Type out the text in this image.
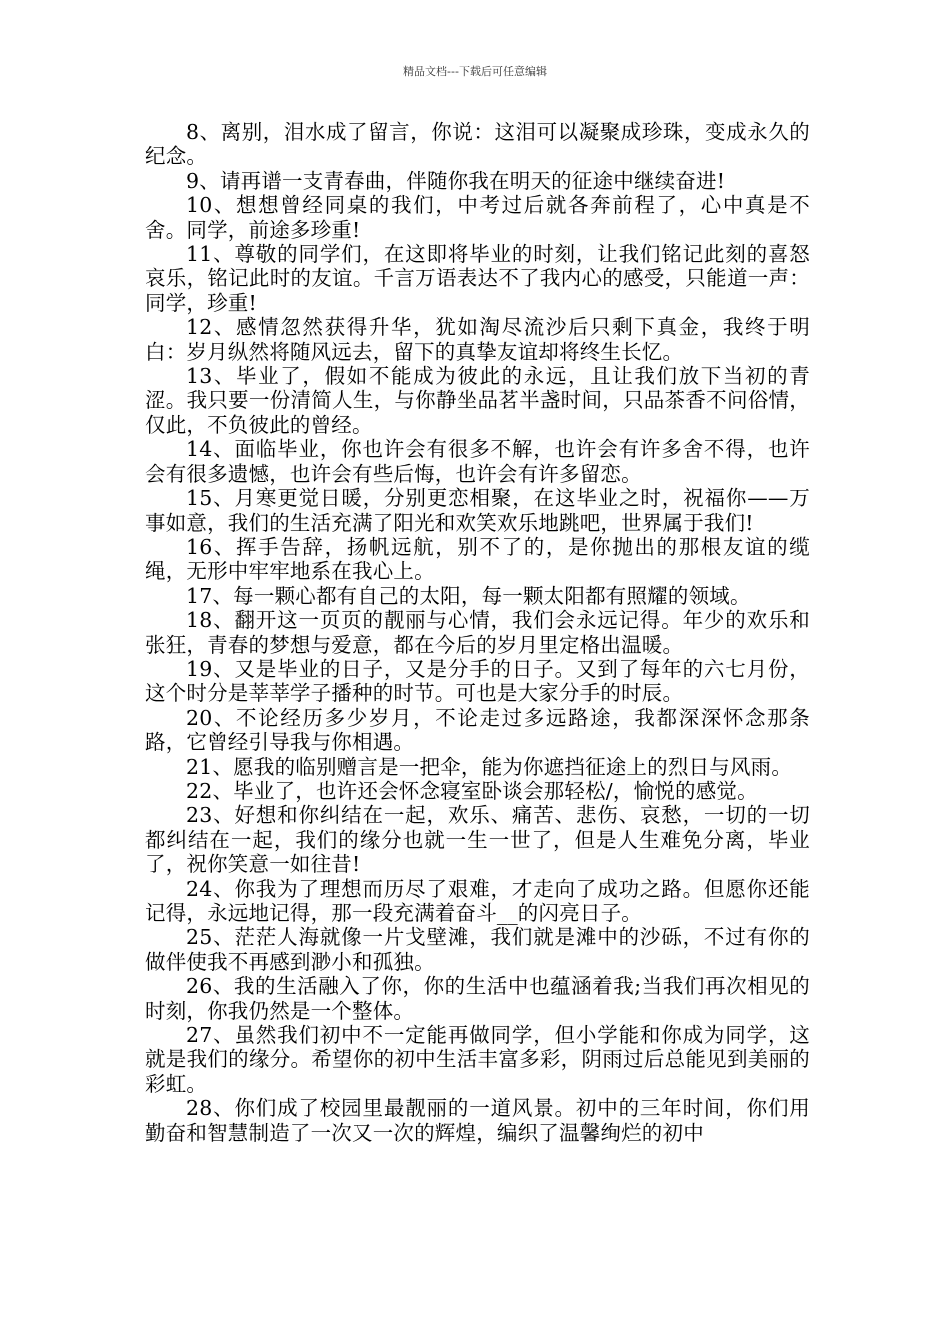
精品文档---下载后可任意编辑

8、离别，泪水成了留言，你说：这泪可以凝聚成珍珠，变成永久的纪念。

9、请再谱一支青春曲，伴随你我在明天的征途中继续奋进!

10、想想曾经同桌的我们，中考过后就各奔前程了，心中真是不舍。同学，前途多珍重!

11、尊敬的同学们，在这即将毕业的时刻，让我们铭记此刻的喜怒哀乐，铭记此时的友谊。千言万语表达不了我内心的感受，只能道一声：同学，珍重!

12、感情忽然获得升华，犹如淘尽流沙后只剩下真金，我终于明白：岁月纵然将随风远去，留下的真挚友谊却将终生长忆。

13、毕业了，假如不能成为彼此的永远，且让我们放下当初的青涩。我只要一份清简人生，与你静坐品茗半盏时间，只品茶香不问俗情，仅此，不负彼此的曾经。

14、面临毕业，你也许会有很多不解，也许会有许多舍不得，也许会有很多遗憾，也许会有些后悔，也许会有许多留恋。

15、月寒更觉日暖，分别更恋相聚，在这毕业之时，祝福你——万事如意，我们的生活充满了阳光和欢笑欢乐地跳吧，世界属于我们!

16、挥手告辞，扬帆远航，别不了的，是你抛出的那根友谊的缆绳，无形中牢牢地系在我心上。

17、每一颗心都有自己的太阳，每一颗太阳都有照耀的领域。

18、翻开这一页页的靓丽与心情，我们会永远记得。年少的欢乐和张狂，青春的梦想与爱意，都在今后的岁月里定格出温暖。

19、又是毕业的日子，又是分手的日子。又到了每年的六七月份，这个时分是莘莘学子播种的时节。可也是大家分手的时辰。

20、不论经历多少岁月，不论走过多远路途，我都深深怀念那条路，它曾经引导我与你相遇。

21、愿我的临别赠言是一把伞，能为你遮挡征途上的烈日与风雨。

22、毕业了，也许还会怀念寝室卧谈会那轻松/，愉悦的感觉。

23、好想和你纠结在一起，欢乐、痛苦、悲伤、哀愁，一切的一切都纠结在一起，我们的缘分也就一生一世了，但是人生难免分离，毕业了，祝你笑意一如往昔!

24、你我为了理想而历尽了艰难，才走向了成功之路。但愿你还能记得，永远地记得，那一段充满着奋斗__的闪亮日子。

25、茫茫人海就像一片戈壁滩，我们就是滩中的沙砾，不过有你的做伴使我不再感到渺小和孤独。

26、我的生活融入了你，你的生活中也蕴涵着我;当我们再次相见的时刻，你我仍然是一个整体。

27、虽然我们初中不一定能再做同学，但小学能和你成为同学，这就是我们的缘分。希望你的初中生活丰富多彩，阴雨过后总能见到美丽的彩虹。

28、你们成了校园里最靓丽的一道风景。初中的三年时间，你们用勤奋和智慧制造了一次又一次的辉煌，编织了温馨绚烂的初中
